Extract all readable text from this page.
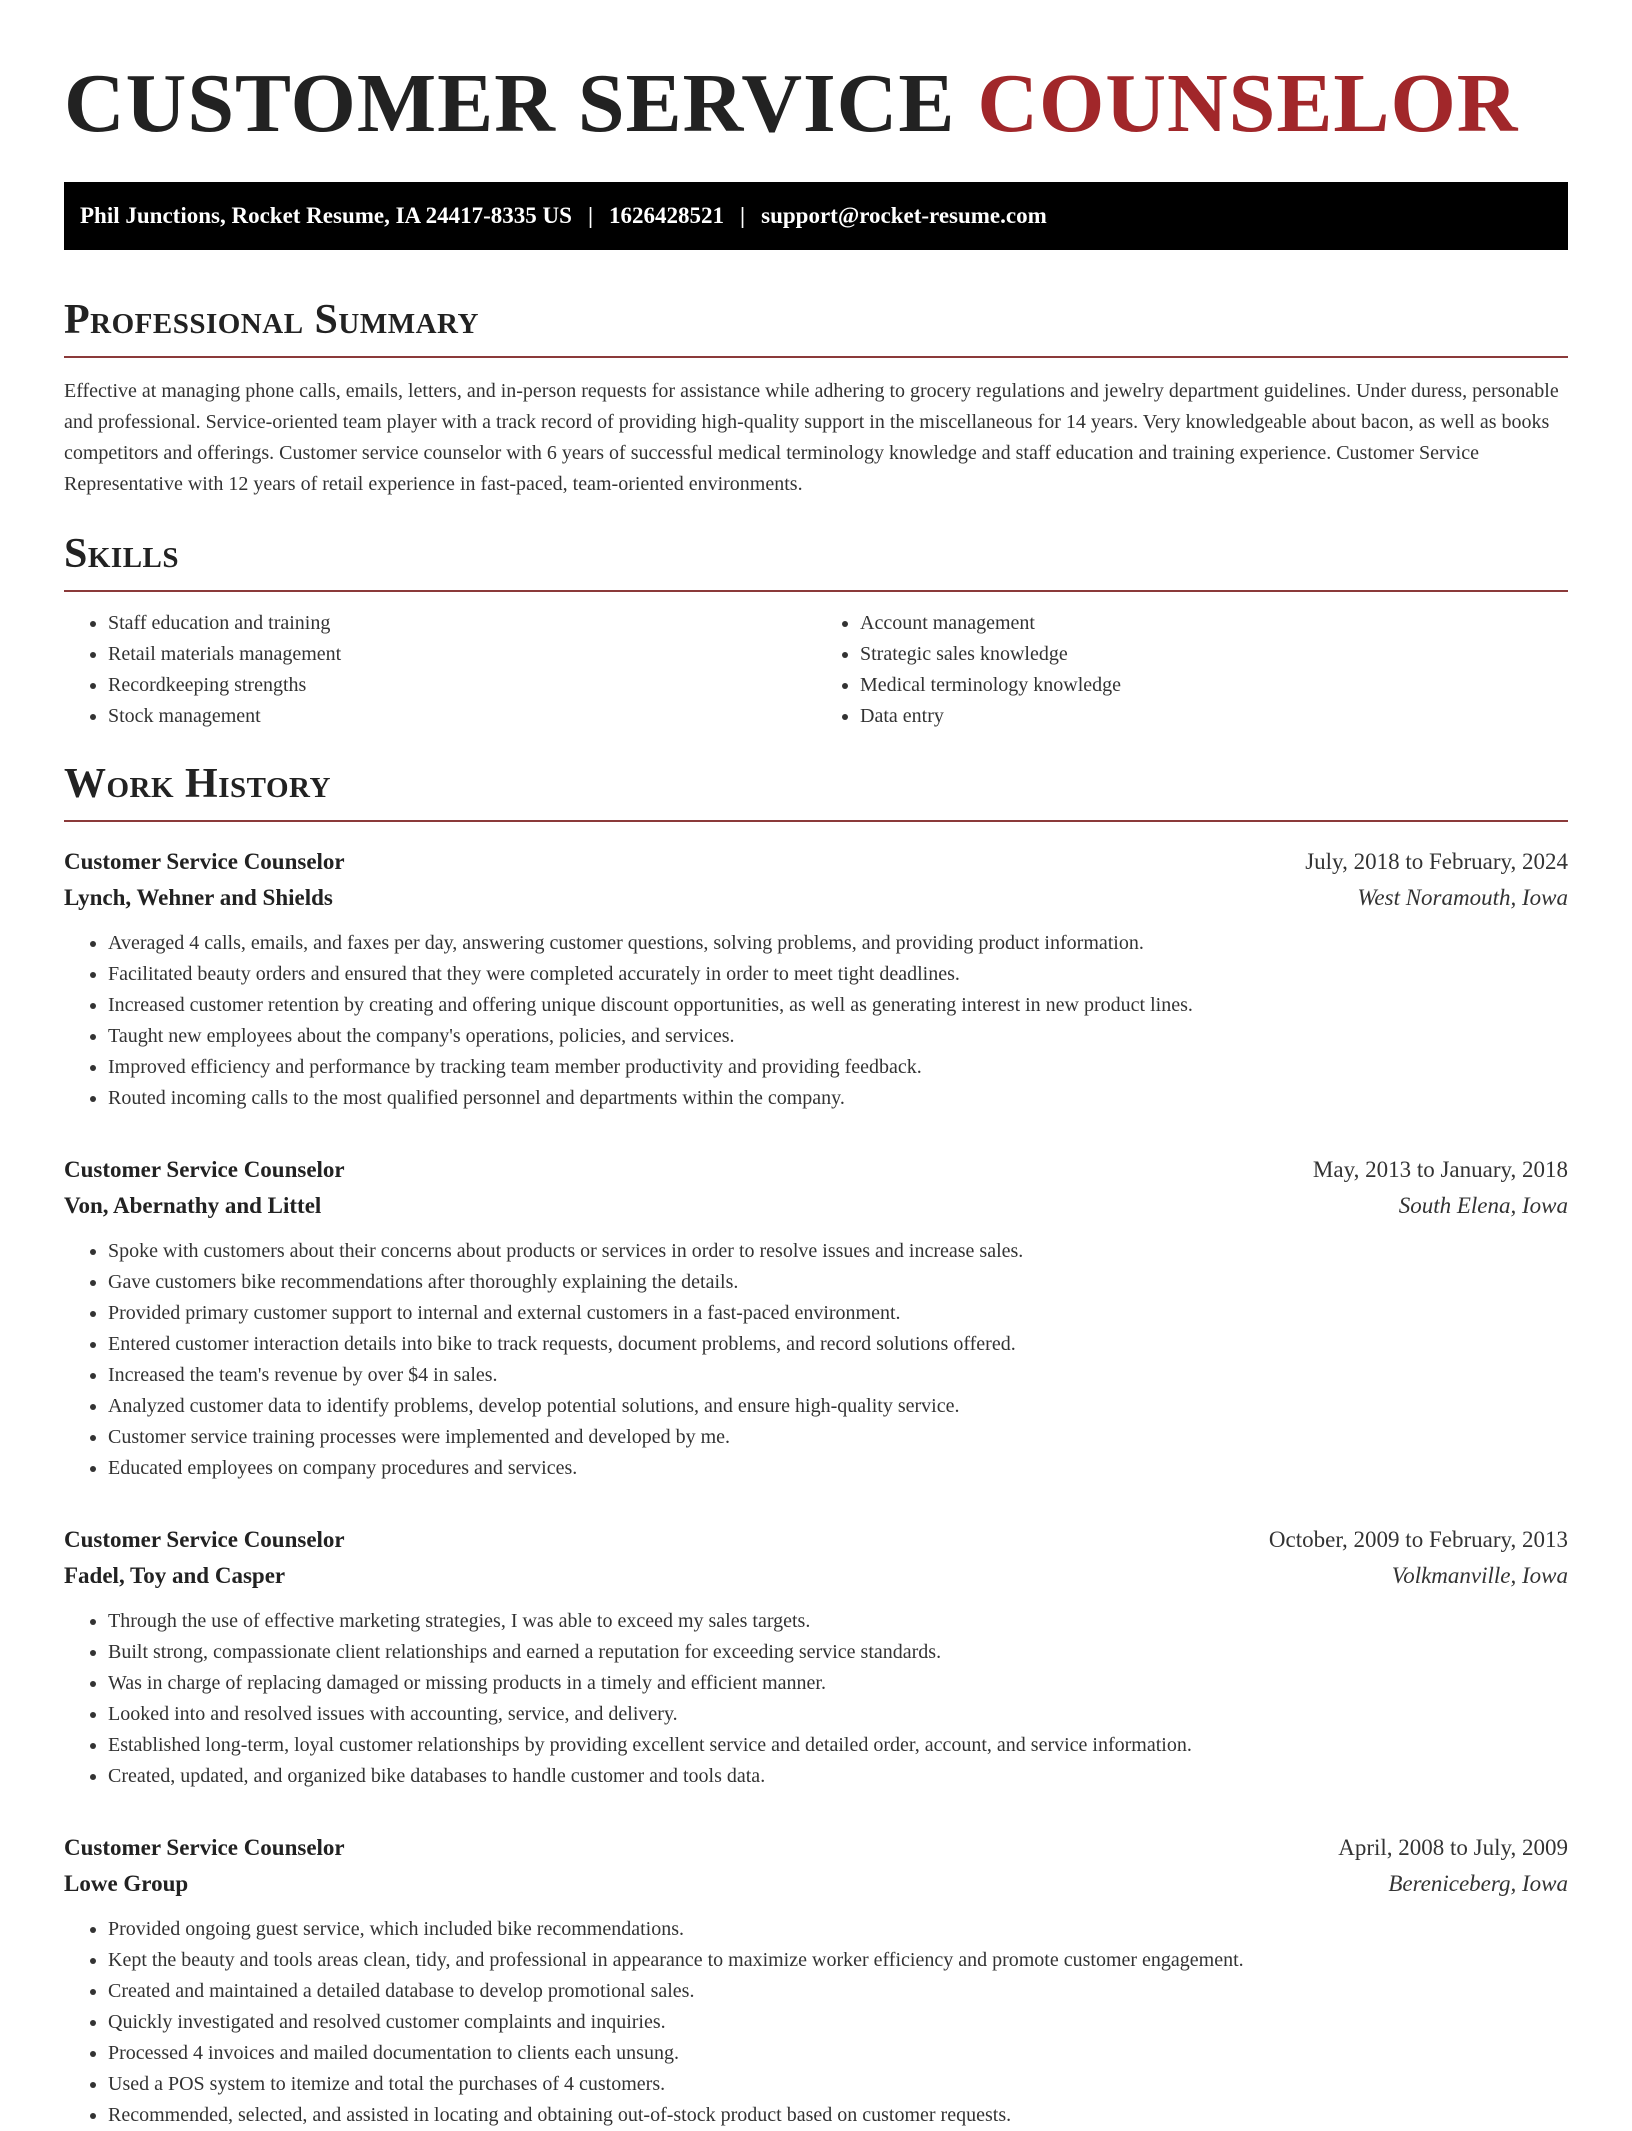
CUSTOMER SERVICE COUNSELOR
Phil Junctions, Rocket Resume, IA 24417-8335 US | 1626428521 | support@rocket-resume.com
Professional Summary

Effective at managing phone calls, emails, letters, and in-person requests for assistance while adhering to grocery regulations and jewelry department guidelines. Under duress, personable and professional. Service-oriented team player with a track record of providing high-quality support in the miscellaneous for 14 years. Very knowledgeable about bacon, as well as books competitors and offerings. Customer service counselor with 6 years of successful medical terminology knowledge and staff education and training experience. Customer Service Representative with 12 years of retail experience in fast-paced, team-oriented environments.

Skills
• Staff education and training
• Retail materials management
• Recordkeeping strengths
• Stock management
• Account management
• Strategic sales knowledge
• Medical terminology knowledge
• Data entry
Work History
Customer Service Counselor	July, 2018 to February, 2024
Lynch, Wehner and Shields	West Noramouth, Iowa
• Averaged 4 calls, emails, and faxes per day, answering customer questions, solving problems, and providing product information.
• Facilitated beauty orders and ensured that they were completed accurately in order to meet tight deadlines.
• Increased customer retention by creating and offering unique discount opportunities, as well as generating interest in new product lines.
• Taught new employees about the company's operations, policies, and services.
• Improved efficiency and performance by tracking team member productivity and providing feedback.
• Routed incoming calls to the most qualified personnel and departments within the company.
Customer Service Counselor	May, 2013 to January, 2018
Von, Abernathy and Littel	South Elena, Iowa
• Spoke with customers about their concerns about products or services in order to resolve issues and increase sales.
• Gave customers bike recommendations after thoroughly explaining the details.
• Provided primary customer support to internal and external customers in a fast-paced environment.
• Entered customer interaction details into bike to track requests, document problems, and record solutions offered.
• Increased the team's revenue by over $4 in sales.
• Analyzed customer data to identify problems, develop potential solutions, and ensure high-quality service.
• Customer service training processes were implemented and developed by me.
• Educated employees on company procedures and services.
Customer Service Counselor	October, 2009 to February, 2013
Fadel, Toy and Casper	Volkmanville, Iowa
• Through the use of effective marketing strategies, I was able to exceed my sales targets.
• Built strong, compassionate client relationships and earned a reputation for exceeding service standards.
• Was in charge of replacing damaged or missing products in a timely and efficient manner.
• Looked into and resolved issues with accounting, service, and delivery.
• Established long-term, loyal customer relationships by providing excellent service and detailed order, account, and service information.
• Created, updated, and organized bike databases to handle customer and tools data.
Customer Service Counselor	April, 2008 to July, 2009
Lowe Group	Bereniceberg, Iowa
• Provided ongoing guest service, which included bike recommendations.
• Kept the beauty and tools areas clean, tidy, and professional in appearance to maximize worker efficiency and promote customer engagement.
• Created and maintained a detailed database to develop promotional sales.
• Quickly investigated and resolved customer complaints and inquiries.
• Processed 4 invoices and mailed documentation to clients each unsung.
• Used a POS system to itemize and total the purchases of 4 customers.
• Recommended, selected, and assisted in locating and obtaining out-of-stock product based on customer requests.
